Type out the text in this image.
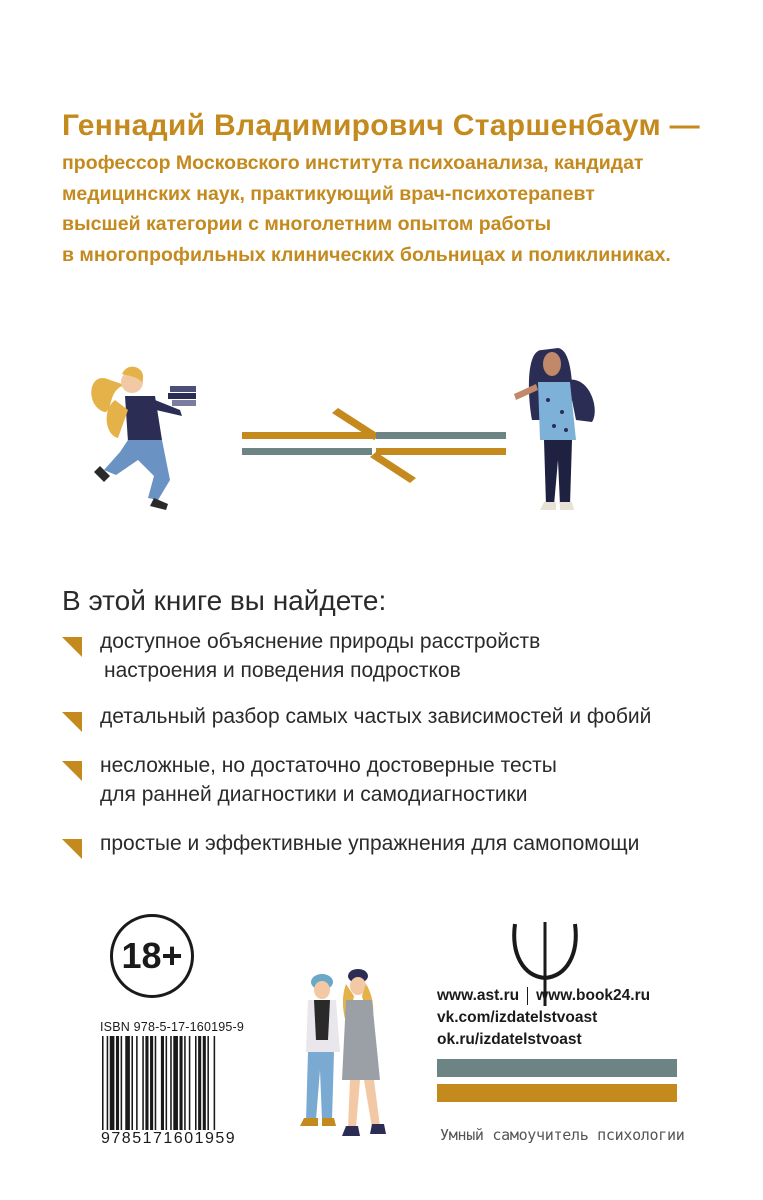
Геннадий Владимирович Старшенбаум —
профессор Московского института психоанализа, кандидат
медицинских наук, практикующий врач-психотерапевт
высшей категории с многолетним опытом работы
в многопрофильных клинических больницах и поликлиниках.
В этой книге вы найдете:
доступное объяснение природы расстройств
настроения и поведения подростков
детальный разбор самых частых зависимостей и фобий
несложные, но достаточно достоверные тесты
для ранней диагностики и самодиагностики
простые и эффективные упражнения для самопомощи
18+
ISBN 978-5-17-160195-9
9785171601959
www.ast.ru www.book24.ru
vk.com/izdatelstvoast
ok.ru/izdatelstvoast
Умный самоучитель психологии
